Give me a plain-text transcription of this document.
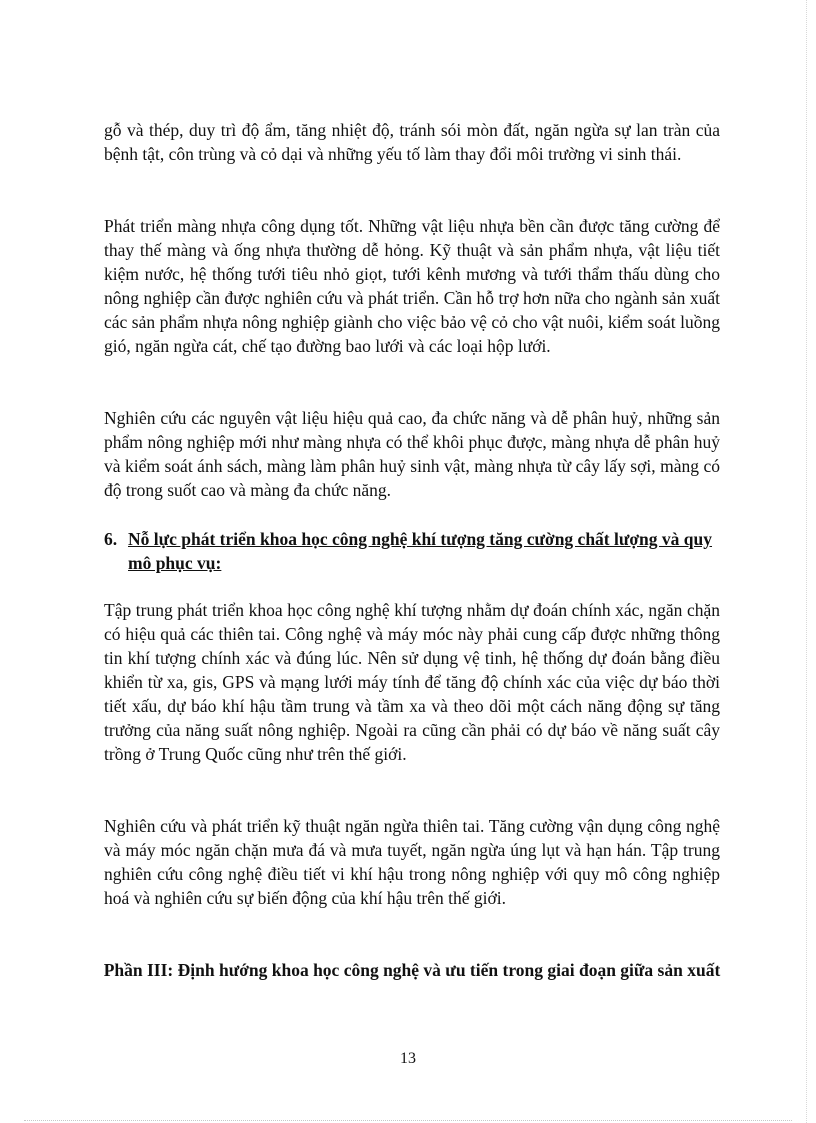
gỗ và thép, duy trì độ ẩm, tăng nhiệt độ, tránh sói mòn đất, ngăn ngừa sự lan tràn của bệnh tật, côn trùng và cỏ dại và những yếu tố làm thay đổi môi trường vi sinh thái.

Phát triển màng nhựa công dụng tốt. Những vật liệu nhựa bền cần được tăng cường để thay thế màng và ống nhựa thường dễ hỏng. Kỹ thuật và sản phẩm nhựa, vật liệu tiết kiệm nước, hệ thống tưới tiêu nhỏ giọt, tưới kênh mương và tưới thẩm thấu dùng cho nông nghiệp cần được nghiên cứu và phát triển. Cần hỗ trợ hơn nữa cho ngành sản xuất các sản phẩm nhựa nông nghiệp giành cho việc bảo vệ cỏ cho vật nuôi, kiểm soát luồng gió, ngăn ngừa cát, chế tạo đường bao lưới và các loại hộp lưới.

Nghiên cứu các nguyên vật liệu hiệu quả cao, đa chức năng và dễ phân huỷ, những sản phẩm nông nghiệp mới như màng nhựa có thể khôi phục được, màng nhựa dễ phân huỷ và kiểm soát ánh sách, màng làm phân huỷ sinh vật, màng nhựa từ cây lấy sợi, màng có độ trong suốt cao và màng đa chức năng.

6. Nỗ lực phát triển khoa học công nghệ khí tượng tăng cường chất lượng và quy mô phục vụ:

Tập trung phát triển khoa học công nghệ khí tượng nhằm dự đoán chính xác, ngăn chặn có hiệu quả các thiên tai. Công nghệ và máy móc này phải cung cấp được những thông tin khí tượng chính xác và đúng lúc. Nên sử dụng vệ tinh, hệ thống dự đoán bằng điều khiển từ xa, gis, GPS và mạng lưới máy tính để tăng độ chính xác của việc dự báo thời tiết xấu, dự báo khí hậu tầm trung và tầm xa và theo dõi một cách năng động sự tăng trưởng của năng suất nông nghiệp. Ngoài ra cũng cần phải có dự báo về năng suất cây trồng ở Trung Quốc cũng như trên thế giới.

Nghiên cứu và phát triển kỹ thuật ngăn ngừa thiên tai. Tăng cường vận dụng công nghệ và máy móc ngăn chặn mưa đá và mưa tuyết, ngăn ngừa úng lụt và hạn hán. Tập trung nghiên cứu công nghệ điều tiết vi khí hậu trong nông nghiệp với quy mô công nghiệp hoá và nghiên cứu sự biến động của khí hậu trên thế giới.

Phần III: Định hướng khoa học công nghệ và ưu tiến trong giai đoạn giữa sản xuất

13
